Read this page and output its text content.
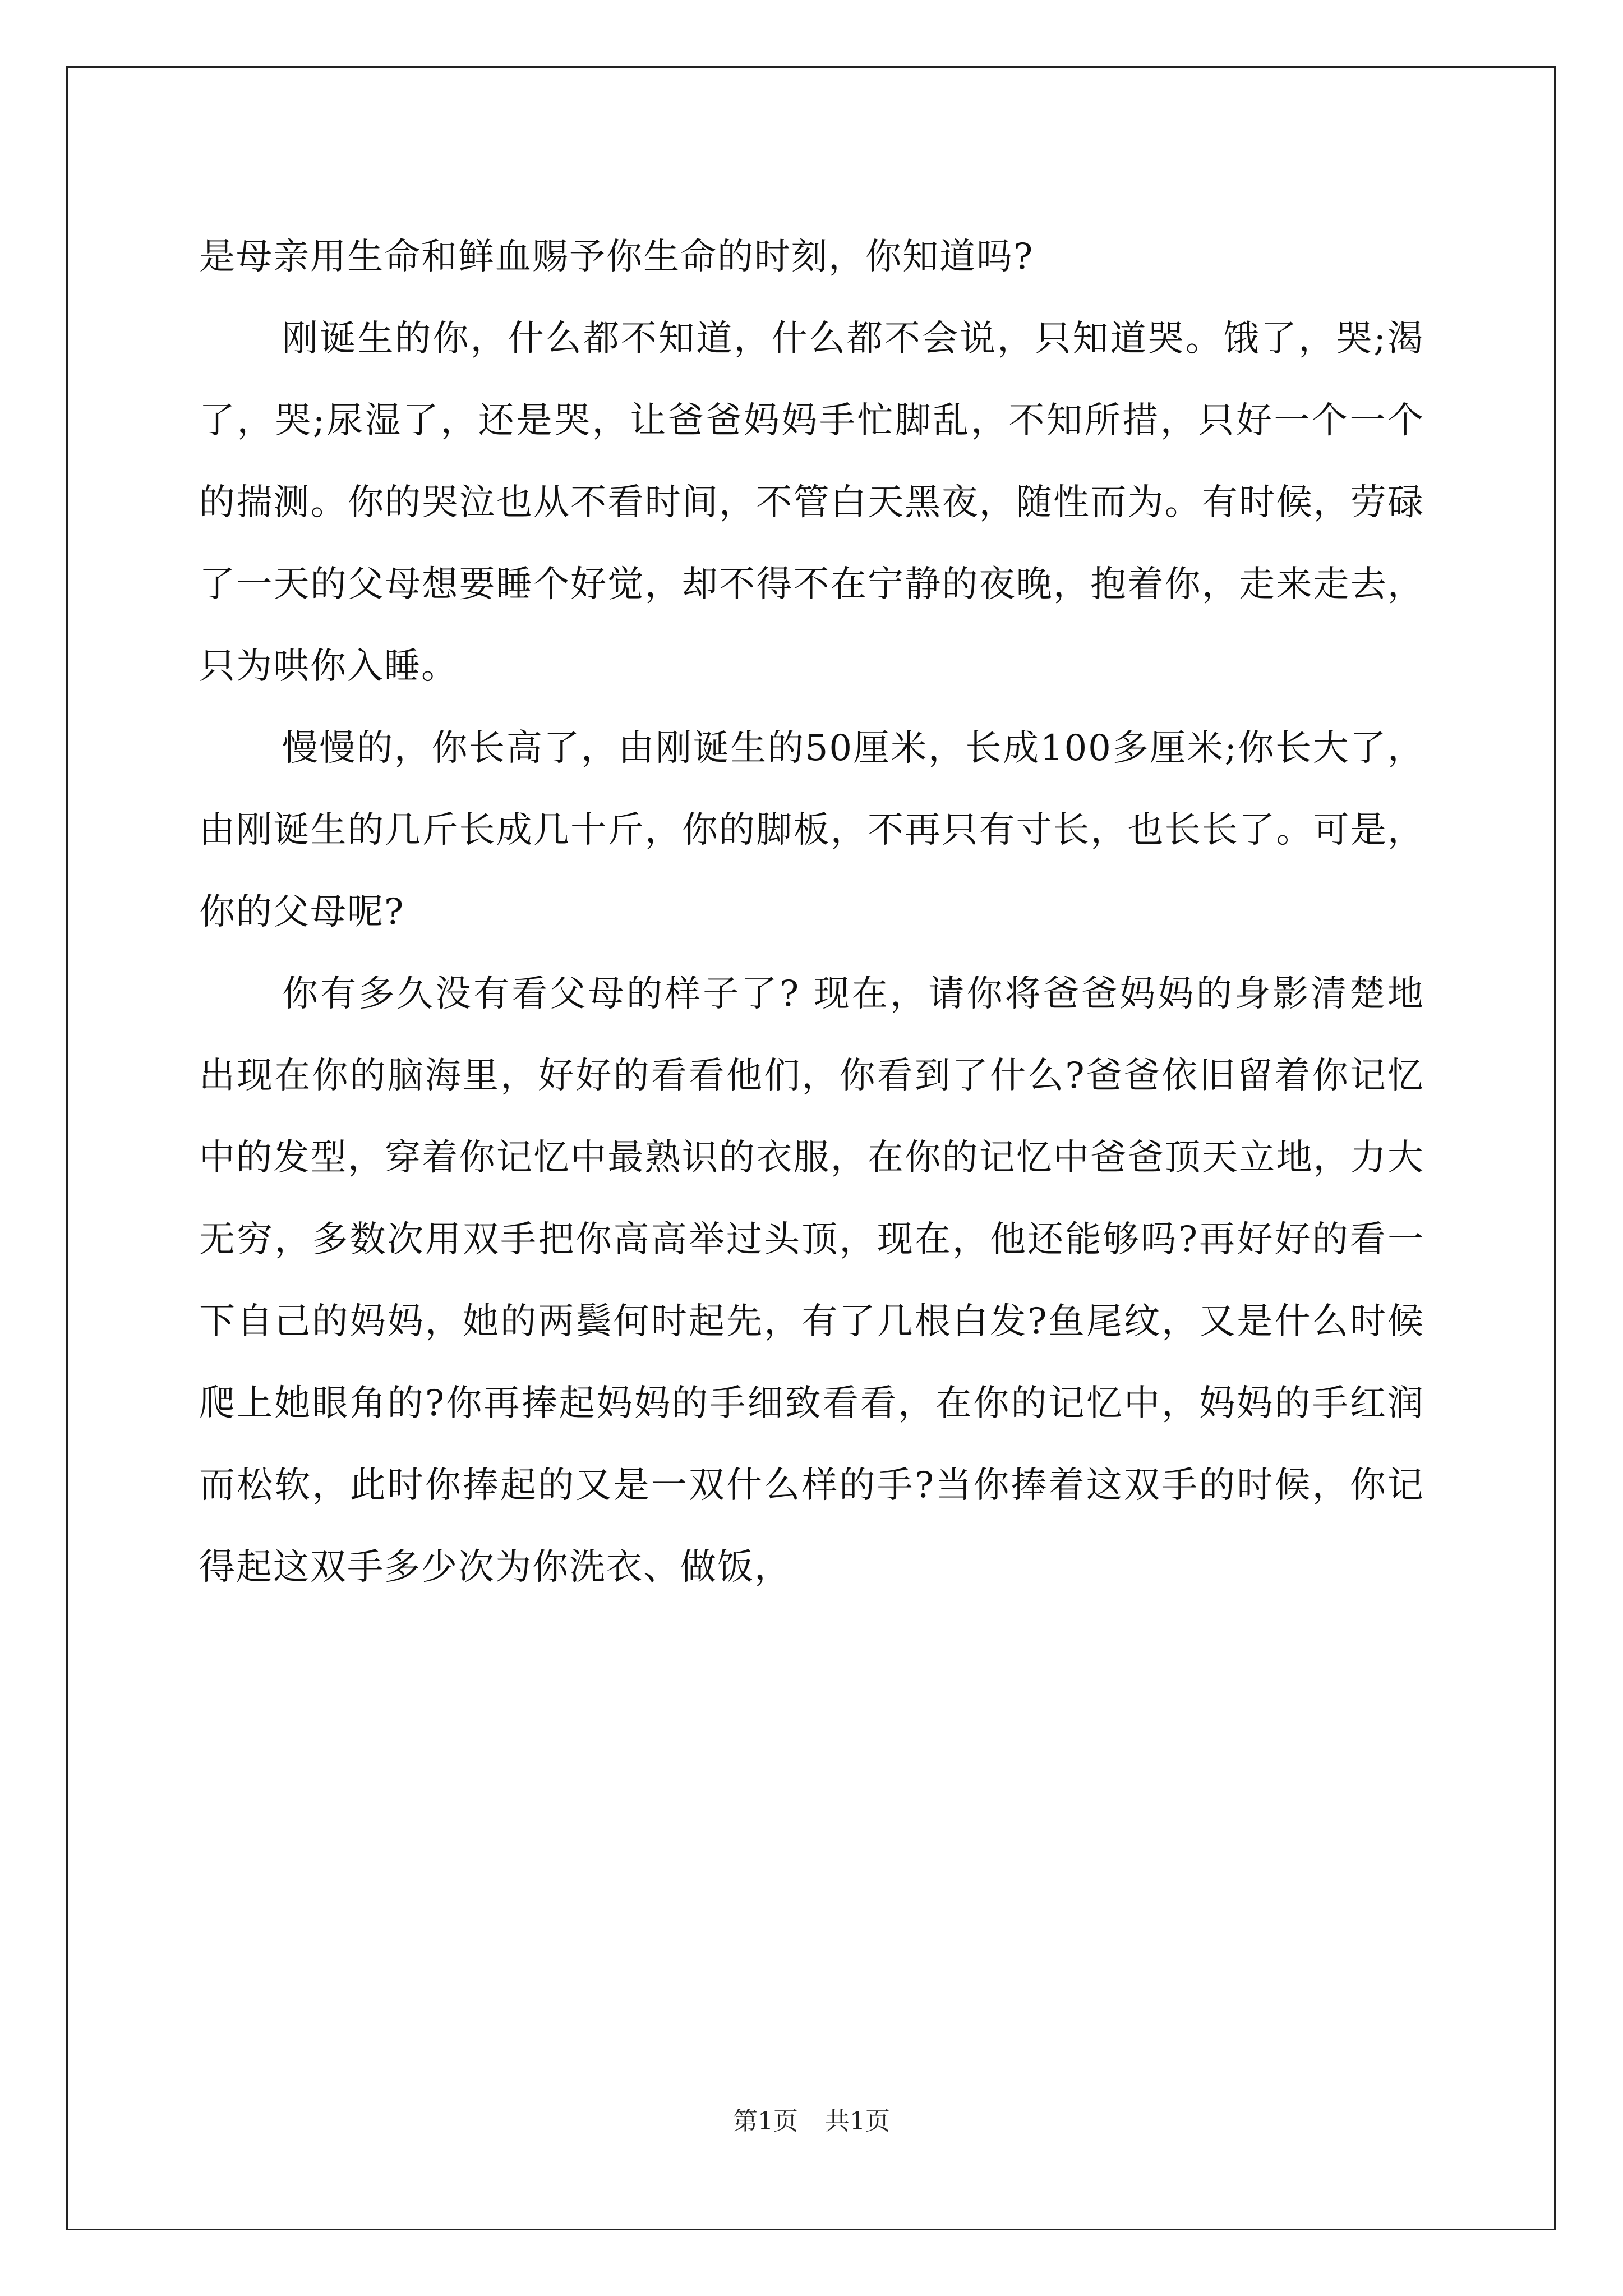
是母亲用生命和鲜血赐予你生命的时刻，你知道吗?

刚诞生的你，什么都不知道，什么都不会说，只知道哭。饿了，哭;渴了，哭;尿湿了，还是哭，让爸爸妈妈手忙脚乱，不知所措，只好一个一个的揣测。你的哭泣也从不看时间，不管白天黑夜，随性而为。有时候，劳碌了一天的父母想要睡个好觉，却不得不在宁静的夜晚，抱着你，走来走去，只为哄你入睡。

慢慢的，你长高了，由刚诞生的50厘米，长成100多厘米;你长大了，由刚诞生的几斤长成几十斤，你的脚板，不再只有寸长，也长长了。可是，你的父母呢?

你有多久没有看父母的样子了? 现在，请你将爸爸妈妈的身影清楚地出现在你的脑海里，好好的看看他们，你看到了什么?爸爸依旧留着你记忆中的发型，穿着你记忆中最熟识的衣服，在你的记忆中爸爸顶天立地，力大无穷，多数次用双手把你高高举过头顶，现在，他还能够吗?再好好的看一下自己的妈妈，她的两鬓何时起先，有了几根白发?鱼尾纹，又是什么时候爬上她眼角的?你再捧起妈妈的手细致看看，在你的记忆中，妈妈的手红润而松软，此时你捧起的又是一双什么样的手?当你捧着这双手的时候，你记得起这双手多少次为你洗衣、做饭，

第1页 共1页
